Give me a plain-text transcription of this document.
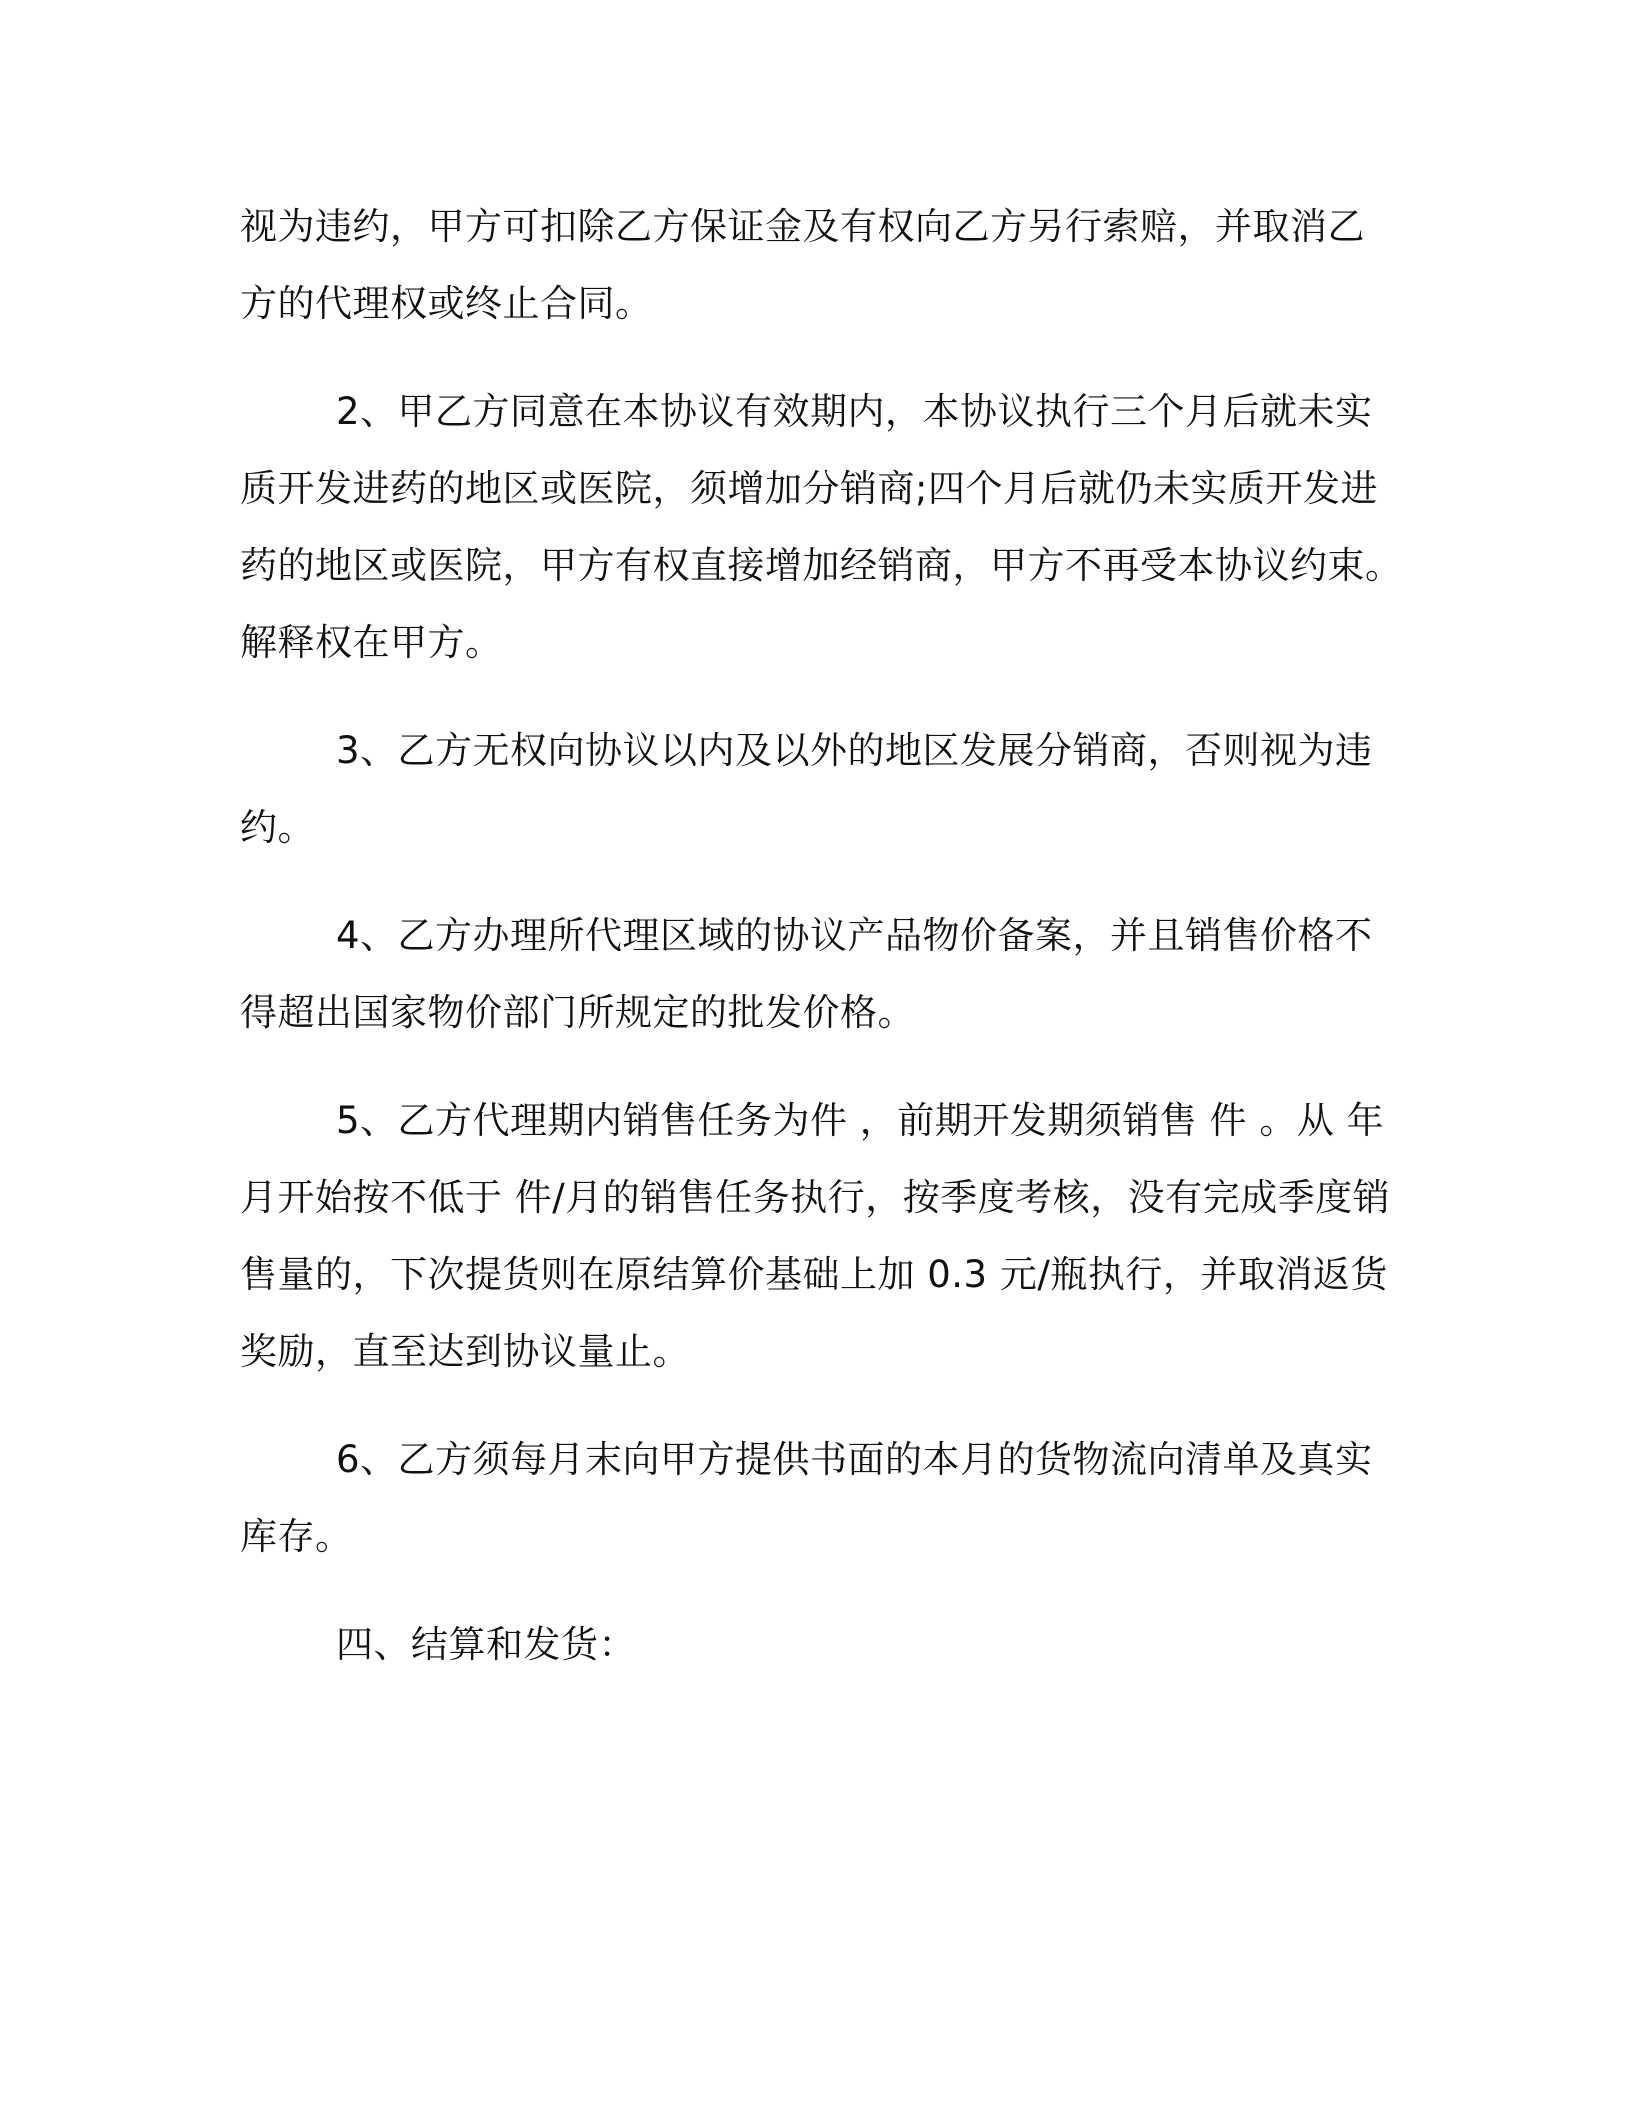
视为违约，甲方可扣除乙方保证金及有权向乙方另行索赔，并取消乙
方的代理权或终止合同。

2、甲乙方同意在本协议有效期内，本协议执行三个月后就未实
质开发进药的地区或医院，须增加分销商;四个月后就仍未实质开发进
药的地区或医院，甲方有权直接增加经销商，甲方不再受本协议约束。
解释权在甲方。

3、乙方无权向协议以内及以外的地区发展分销商，否则视为违
约。

4、乙方办理所代理区域的协议产品物价备案，并且销售价格不
得超出国家物价部门所规定的批发价格。

5、乙方代理期内销售任务为件 ，前期开发期须销售 件 。从 年
月开始按不低于 件/月的销售任务执行，按季度考核，没有完成季度销
售量的，下次提货则在原结算价基础上加 0.3 元/瓶执行，并取消返货
奖励，直至达到协议量止。

6、乙方须每月末向甲方提供书面的本月的货物流向清单及真实
库存。

四、结算和发货：
